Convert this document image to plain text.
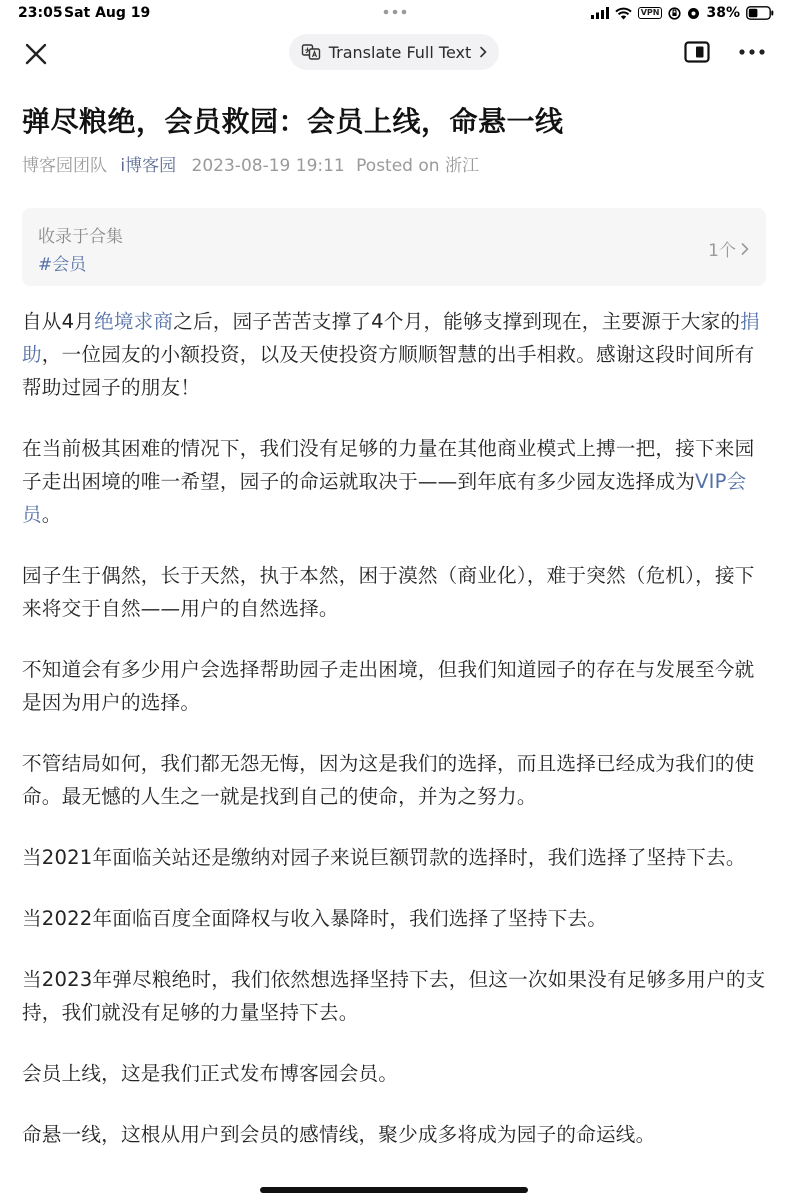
23:05 Sat Aug 19	VPN	38%
Translate Full Text
弹尽粮绝，会员救园：会员上线，命悬一线
博客园团队 i博客园 2023-08-19 19:11 Posted on 浙江
收录于合集
#会员
1个

自从4月绝境求商之后，园子苦苦支撑了4个月，能够支撑到现在，主要源于大家的捐助，一位园友的小额投资，以及天使投资方顺顺智慧的出手相救。感谢这段时间所有帮助过园子的朋友！

在当前极其困难的情况下，我们没有足够的力量在其他商业模式上搏一把，接下来园子走出困境的唯一希望，园子的命运就取决于——到年底有多少园友选择成为VIP会员。

园子生于偶然，长于天然，执于本然，困于漠然（商业化），难于突然（危机），接下来将交于自然——用户的自然选择。

不知道会有多少用户会选择帮助园子走出困境，但我们知道园子的存在与发展至今就是因为用户的选择。

不管结局如何，我们都无怨无悔，因为这是我们的选择，而且选择已经成为我们的使命。最无憾的人生之一就是找到自己的使命，并为之努力。

当2021年面临关站还是缴纳对园子来说巨额罚款的选择时，我们选择了坚持下去。

当2022年面临百度全面降权与收入暴降时，我们选择了坚持下去。

当2023年弹尽粮绝时，我们依然想选择坚持下去，但这一次如果没有足够多用户的支持，我们就没有足够的力量坚持下去。

会员上线，这是我们正式发布博客园会员。

命悬一线，这根从用户到会员的感情线，聚少成多将成为园子的命运线。
